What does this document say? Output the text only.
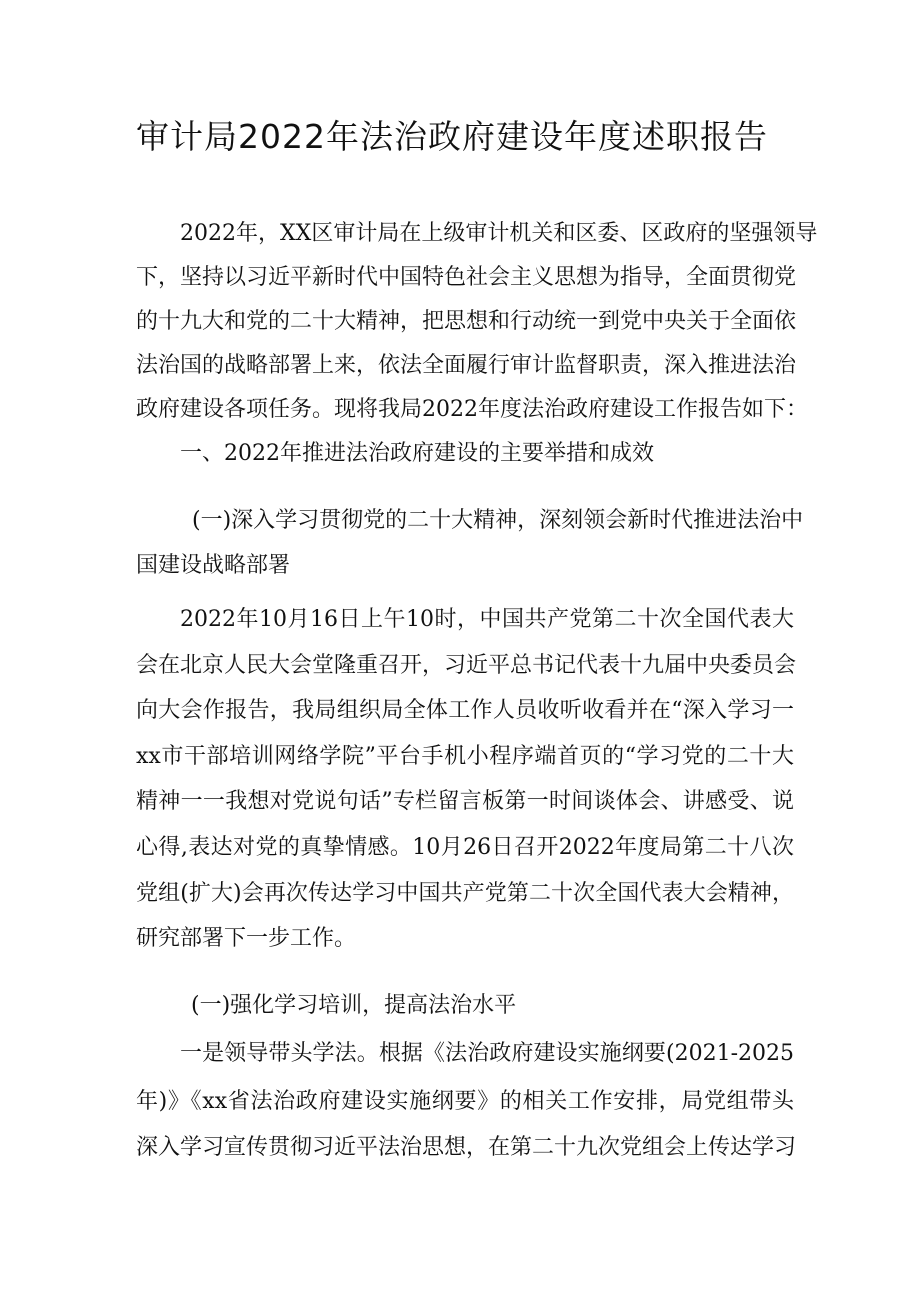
审计局2022年法治政府建设年度述职报告
2022年，XX区审计局在上级审计机关和区委、区政府的坚强领导
下，坚持以习近平新时代中国特色社会主义思想为指导，全面贯彻党
的十九大和党的二十大精神，把思想和行动统一到党中央关于全面依
法治国的战略部署上来，依法全面履行审计监督职责，深入推进法治
政府建设各项任务。现将我局2022年度法治政府建设工作报告如下：
一、2022年推进法治政府建设的主要举措和成效
(一)深入学习贯彻党的二十大精神，深刻领会新时代推进法治中
国建设战略部署
2022年10月16日上午10时，中国共产党第二十次全国代表大
会在北京人民大会堂隆重召开，习近平总书记代表十九届中央委员会
向大会作报告，我局组织局全体工作人员收听收看并在“深入学习一
xx市干部培训网络学院”平台手机小程序端首页的“学习党的二十大
精神一一我想对党说句话”专栏留言板第一时间谈体会、讲感受、说
心得,表达对党的真挚情感。10月26日召开2022年度局第二十八次
党组(扩大)会再次传达学习中国共产党第二十次全国代表大会精神，
研究部署下一步工作。
(一)强化学习培训，提高法治水平
一是领导带头学法。根据《法治政府建设实施纲要(2021-2025
年)》《xx省法治政府建设实施纲要》的相关工作安排，局党组带头
深入学习宣传贯彻习近平法治思想，在第二十九次党组会上传达学习
